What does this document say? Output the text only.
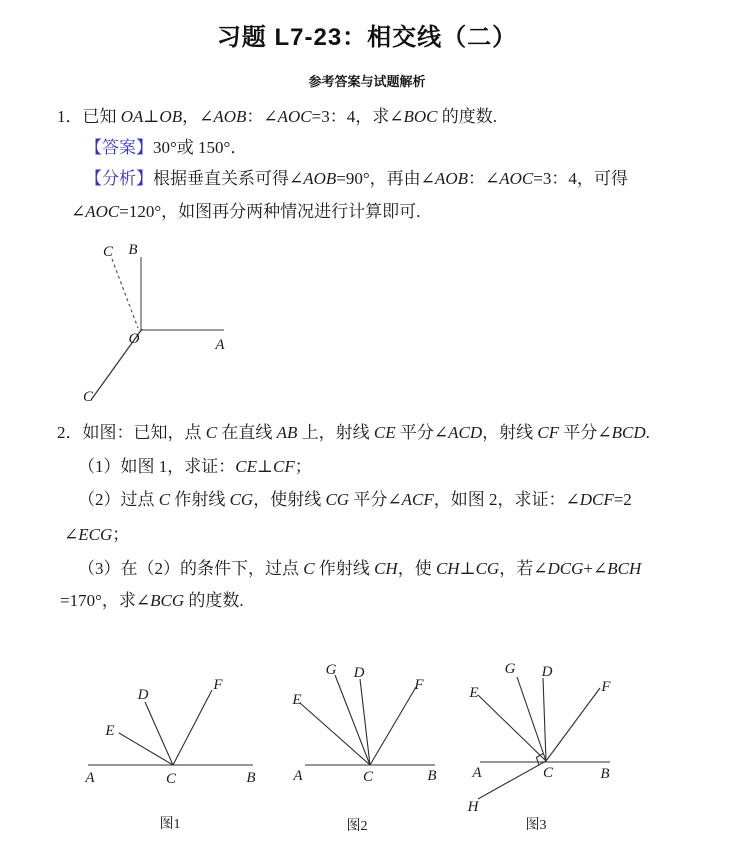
习题 L7-23：相交线（二）
参考答案与试题解析
1．已知 OA⊥OB，∠AOB：∠AOC=3：4，求∠BOC 的度数.
【答案】30°或 150°．
【分析】根据垂直关系可得∠AOB=90°，再由∠AOB：∠AOC=3：4，可得
∠AOC=120°，如图再分两种情况进行计算即可.
C B
A
O
C
2．如图：已知，点 C 在直线 AB 上，射线 CE 平分∠ACD，射线 CF 平分∠BCD.
（1）如图 1，求证：CE⊥CF；
（2）过点 C 作射线 CG，使射线 CG 平分∠ACF，如图 2，求证：∠DCF=2
∠ECG；
（3）在（2）的条件下，过点 C 作射线 CH，使 CH⊥CG，若∠DCG+∠BCH
=170°，求∠BCG 的度数.
E
D
F
A	C	B
图1
E
G D
F
A	C	B
图2
E
G D
F
A	C	B
H
图3
